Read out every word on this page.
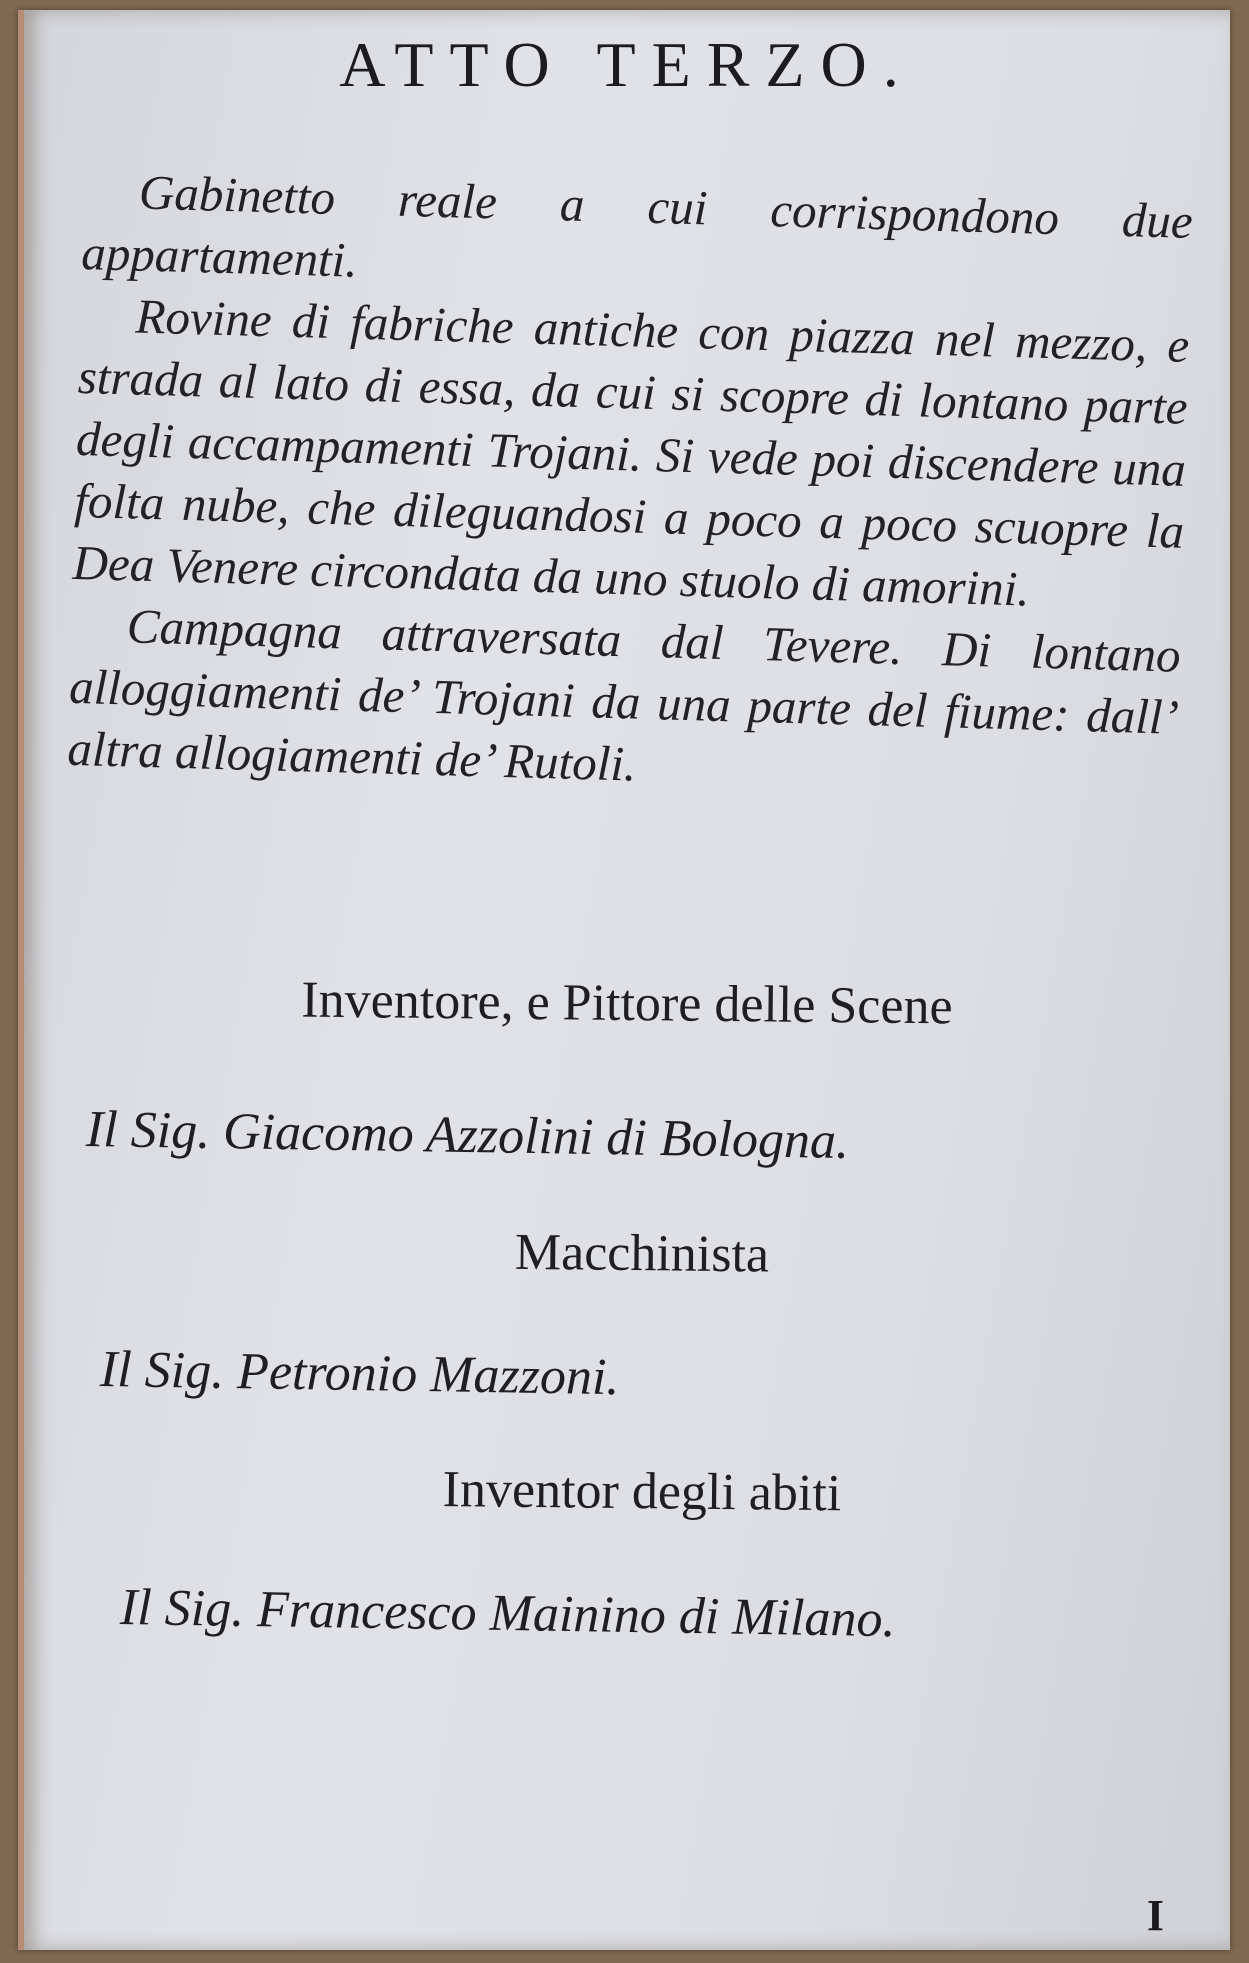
ATTO TERZO.

Gabinetto reale a cui corrispondono due appartamenti.

Rovine di fabriche antiche con piazza nel mezzo, e strada al lato di essa, da cui si scopre di lontano parte degli accampamenti Trojani. Si vede poi discendere una folta nube, che dileguandosi a poco a poco scuopre la Dea Venere circondata da uno stuolo di amorini.

Campagna attraversata dal Tevere. Di lontano alloggiamenti de’ Trojani da una parte del fiume: dall’ altra allogiamenti de’ Rutoli.

Inventore, e Pittore delle Scene
Il Sig. Giacomo Azzolini di Bologna.
Macchinista
Il Sig. Petronio Mazzoni.
Inventor degli abiti
Il Sig. Francesco Mainino di Milano.
I
